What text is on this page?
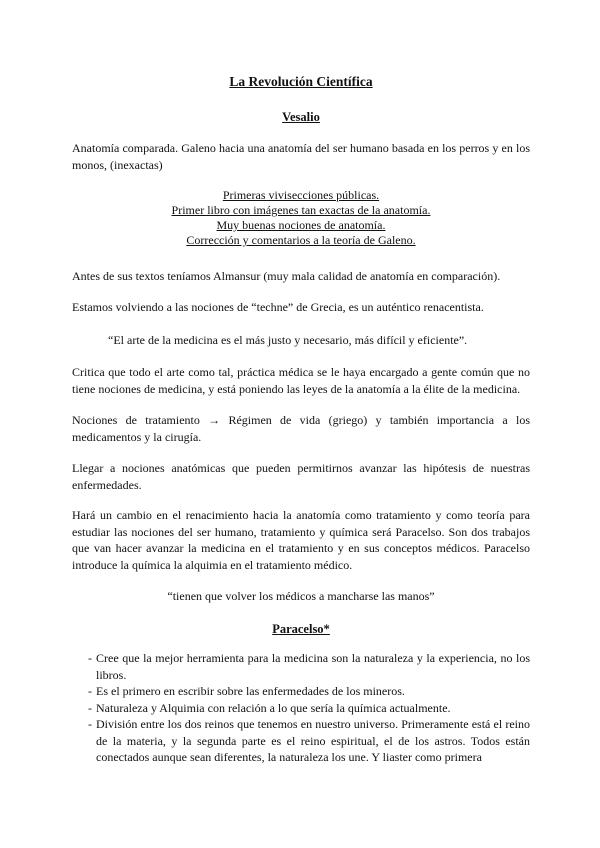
La Revolución Científica
Vesalio

Anatomía comparada. Galeno hacia una anatomía del ser humano basada en los perros y en los monos, (inexactas)

Primeras vivisecciones públicas.
Primer libro con imágenes tan exactas de la anatomía.
Muy buenas nociones de anatomía.
Corrección y comentarios a la teoría de Galeno.

Antes de sus textos teníamos Almansur (muy mala calidad de anatomía en comparación).

Estamos volviendo a las nociones de “techne” de Grecia, es un auténtico renacentista.

“El arte de la medicina es el más justo y necesario, más difícil y eficiente”.

Critica que todo el arte como tal, práctica médica se le haya encargado a gente común que no tiene nociones de medicina, y está poniendo las leyes de la anatomía a la élite de la medicina.

Nociones de tratamiento → Régimen de vida (griego) y también importancia a los medicamentos y la cirugía.

Llegar a nociones anatómicas que pueden permitirnos avanzar las hipótesis de nuestras enfermedades.

Hará un cambio en el renacimiento hacia la anatomía como tratamiento y como teoría para estudiar las nociones del ser humano, tratamiento y química será Paracelso. Son dos trabajos que van hacer avanzar la medicina en el tratamiento y en sus conceptos médicos. Paracelso introduce la química la alquimia en el tratamiento médico.

“tienen que volver los médicos a mancharse las manos”
Paracelso*
- Cree que la mejor herramienta para la medicina son la naturaleza y la experiencia, no los libros.
- Es el primero en escribir sobre las enfermedades de los mineros.
- Naturaleza y Alquimia con relación a lo que sería la química actualmente.
- División entre los dos reinos que tenemos en nuestro universo. Primeramente está el reino de la materia, y la segunda parte es el reino espiritual, el de los astros. Todos están conectados aunque sean diferentes, la naturaleza los une. Y liaster como primera
